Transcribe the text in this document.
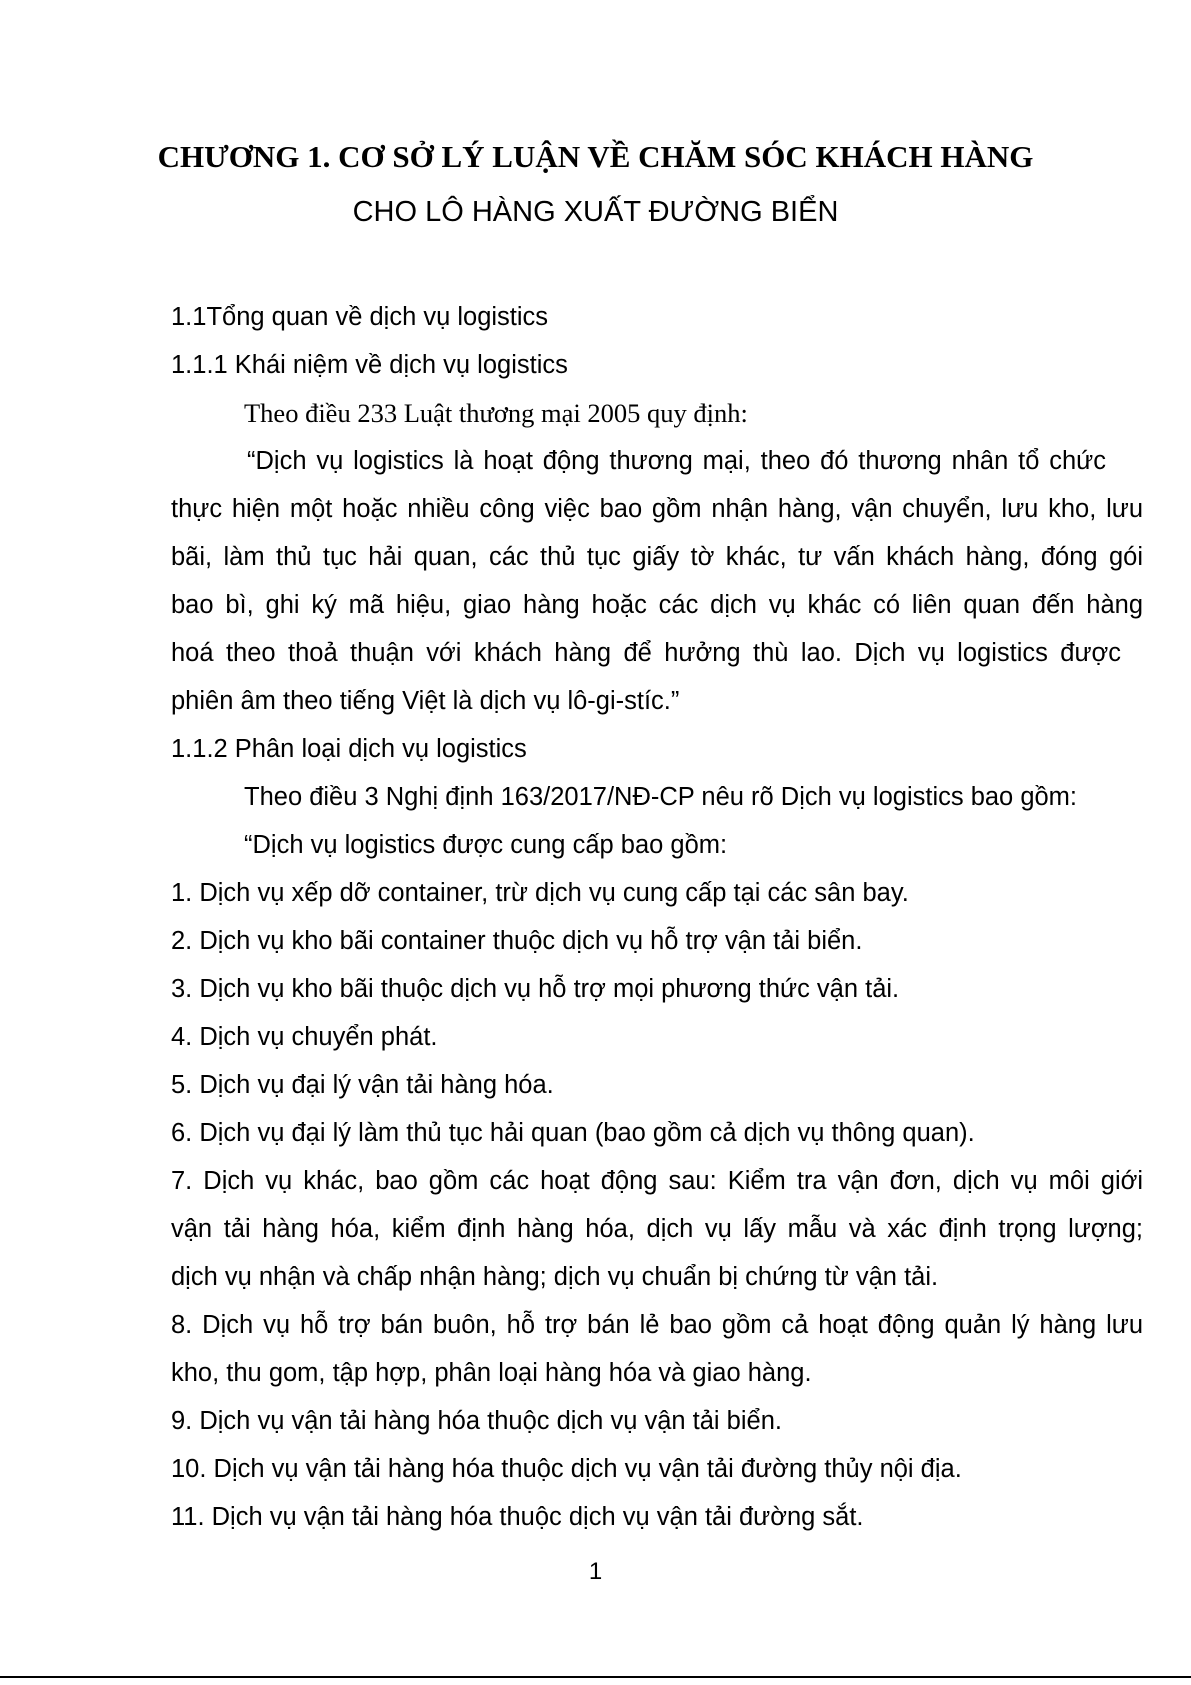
CHƯƠNG 1. CƠ SỞ LÝ LUẬN VỀ CHĂM SÓC KHÁCH HÀNG
CHO LÔ HÀNG XUẤT ĐƯỜNG BIỂN

1.1Tổng quan về dịch vụ logistics

1.1.1 Khái niệm về dịch vụ logistics

Theo điều 233 Luật thương mại 2005 quy định:

“Dịch vụ logistics là hoạt động thương mại, theo đó thương nhân tổ chức

thực hiện một hoặc nhiều công việc bao gồm nhận hàng, vận chuyển, lưu kho, lưu

bãi, làm thủ tục hải quan, các thủ tục giấy tờ khác, tư vấn khách hàng, đóng gói

bao bì, ghi ký mã hiệu, giao hàng hoặc các dịch vụ khác có liên quan đến hàng

hoá theo thoả thuận với khách hàng để hưởng thù lao. Dịch vụ logistics được

phiên âm theo tiếng Việt là dịch vụ lô-gi-stíc.”

1.1.2 Phân loại dịch vụ logistics

Theo điều 3 Nghị định 163/2017/NĐ-CP nêu rõ Dịch vụ logistics bao gồm:

“Dịch vụ logistics được cung cấp bao gồm:

1. Dịch vụ xếp dỡ container, trừ dịch vụ cung cấp tại các sân bay.

2. Dịch vụ kho bãi container thuộc dịch vụ hỗ trợ vận tải biển.

3. Dịch vụ kho bãi thuộc dịch vụ hỗ trợ mọi phương thức vận tải.

4. Dịch vụ chuyển phát.

5. Dịch vụ đại lý vận tải hàng hóa.

6. Dịch vụ đại lý làm thủ tục hải quan (bao gồm cả dịch vụ thông quan).

7. Dịch vụ khác, bao gồm các hoạt động sau: Kiểm tra vận đơn, dịch vụ môi giới

vận tải hàng hóa, kiểm định hàng hóa, dịch vụ lấy mẫu và xác định trọng lượng;

dịch vụ nhận và chấp nhận hàng; dịch vụ chuẩn bị chứng từ vận tải.

8. Dịch vụ hỗ trợ bán buôn, hỗ trợ bán lẻ bao gồm cả hoạt động quản lý hàng lưu

kho, thu gom, tập hợp, phân loại hàng hóa và giao hàng.

9. Dịch vụ vận tải hàng hóa thuộc dịch vụ vận tải biển.

10. Dịch vụ vận tải hàng hóa thuộc dịch vụ vận tải đường thủy nội địa.

11. Dịch vụ vận tải hàng hóa thuộc dịch vụ vận tải đường sắt.

1
